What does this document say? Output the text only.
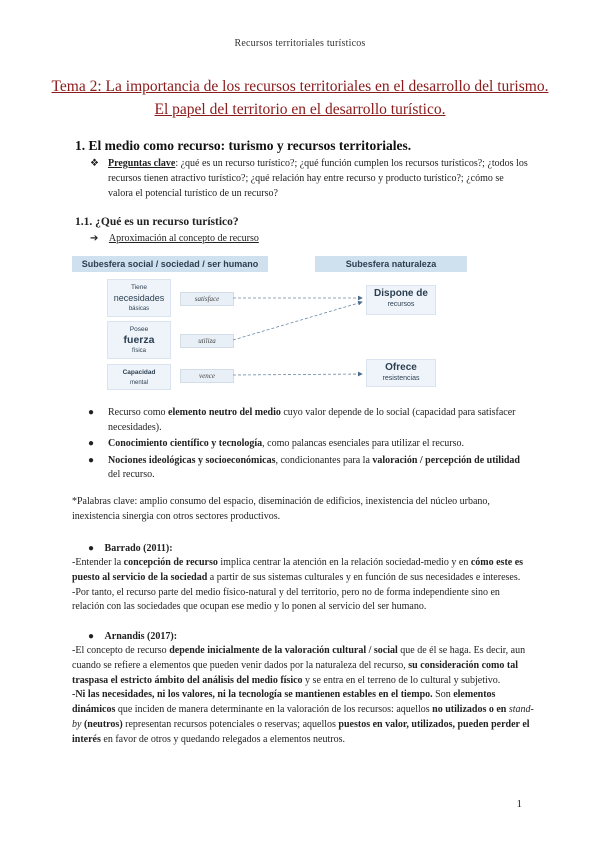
Recursos territoriales turísticos
Tema 2: La importancia de los recursos territoriales en el desarrollo del turismo.
El papel del territorio en el desarrollo turístico.
1. El medio como recurso: turismo y recursos territoriales.
❖ Preguntas clave: ¿qué es un recurso turístico?; ¿qué función cumplen los recursos turísticos?; ¿todos los recursos tienen atractivo turístico?; ¿qué relación hay entre recurso y producto turístico?; ¿cómo se valora el potencial turístico de un recurso?
1.1. ¿Qué es un recurso turístico?
➔ Aproximación al concepto de recurso
Subesfera social / sociedad / ser humano	Subesfera naturaleza
Tiene
necesidades
básicas
Posee
fuerza
física
Capacidad
mental
satisface
utiliza
vence
Dispone de
recursos
Ofrece
resistencias
● Recurso como elemento neutro del medio cuyo valor depende de lo social (capacidad para satisfacer necesidades).
● Conocimiento científico y tecnología, como palancas esenciales para utilizar el recurso.
● Nociones ideológicas y socioeconómicas, condicionantes para la valoración / percepción de utilidad del recurso.
*Palabras clave: amplio consumo del espacio, diseminación de edificios, inexistencia del núcleo urbano, inexistencia sinergia con otros sectores productivos.
● Barrado (2011):
-Entender la concepción de recurso implica centrar la atención en la relación sociedad-medio y en cómo este es puesto al servicio de la sociedad a partir de sus sistemas culturales y en función de sus necesidades e intereses.
-Por tanto, el recurso parte del medio físico-natural y del territorio, pero no de forma independiente sino en relación con las sociedades que ocupan ese medio y lo ponen al servicio del ser humano.
● Arnandis (2017):
-El concepto de recurso depende inicialmente de la valoración cultural / social que de él se haga. Es decir, aun cuando se refiere a elementos que pueden venir dados por la naturaleza del recurso, su consideración como tal traspasa el estricto ámbito del análisis del medio físico y se entra en el terreno de lo cultural y subjetivo.
-Ni las necesidades, ni los valores, ni la tecnología se mantienen estables en el tiempo. Son elementos dinámicos que inciden de manera determinante en la valoración de los recursos: aquellos no utilizados o en stand-by (neutros) representan recursos potenciales o reservas; aquellos puestos en valor, utilizados, pueden perder el interés en favor de otros y quedando relegados a elementos neutros.
1
